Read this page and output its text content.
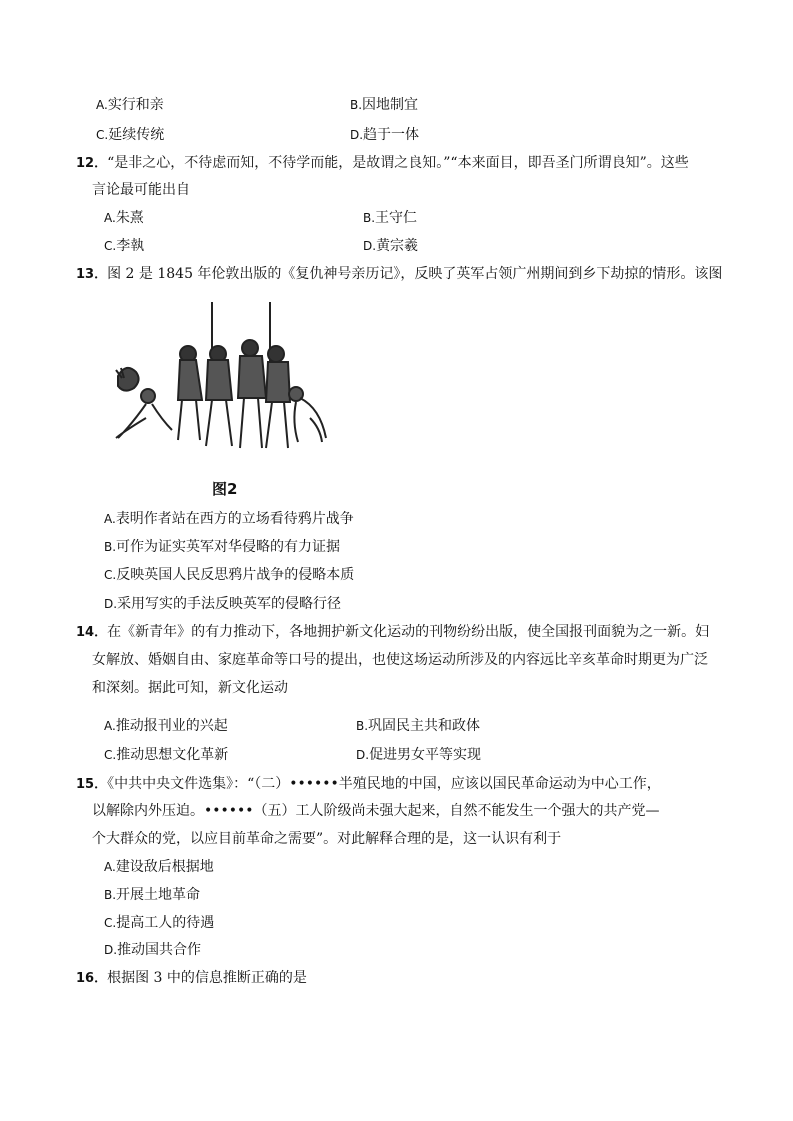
A.实行和亲	B.因地制宜
C.延续传统	D.趋于一体
12．“是非之心，不待虑而知，不待学而能，是故谓之良知。”“本来面目，即吾圣门所谓良知”。这些
言论最可能出自
A.朱熹	B.王守仁
C.李執	D.黄宗羲
13．图 2 是 1845 年伦敦出版的《复仇神号亲历记》，反映了英军占领广州期间到乡下劫掠的情形。该图
图2
A.表明作者站在西方的立场看待鸦片战争
B.可作为证实英军对华侵略的有力证据
C.反映英国人民反思鸦片战争的侵略本质
D.采用写实的手法反映英军的侵略行径
14．在《新青年》的有力推动下，各地拥护新文化运动的刊物纷纷出版，使全国报刊面貌为之一新。妇
女解放、婚姻自由、家庭革命等口号的提出，也使这场运动所涉及的内容远比辛亥革命时期更为广泛
和深刻。据此可知，新文化运动
A.推动报刊业的兴起	B.巩固民主共和政体
C.推动思想文化革新	D.促进男女平等实现
15．《中共中央文件选集》：“（二）••••••半殖民地的中国，应该以国民革命运动为中心工作，
以解除内外压迫。••••••（五）工人阶级尚未强大起来，自然不能发生一个强大的共产党—
个大群众的党，以应目前革命之需要”。对此解释合理的是，这一认识有利于
A.建设敌后根据地
B.开展土地革命
C.提高工人的待遇
D.推动国共合作
16．根据图 3 中的信息推断正确的是
